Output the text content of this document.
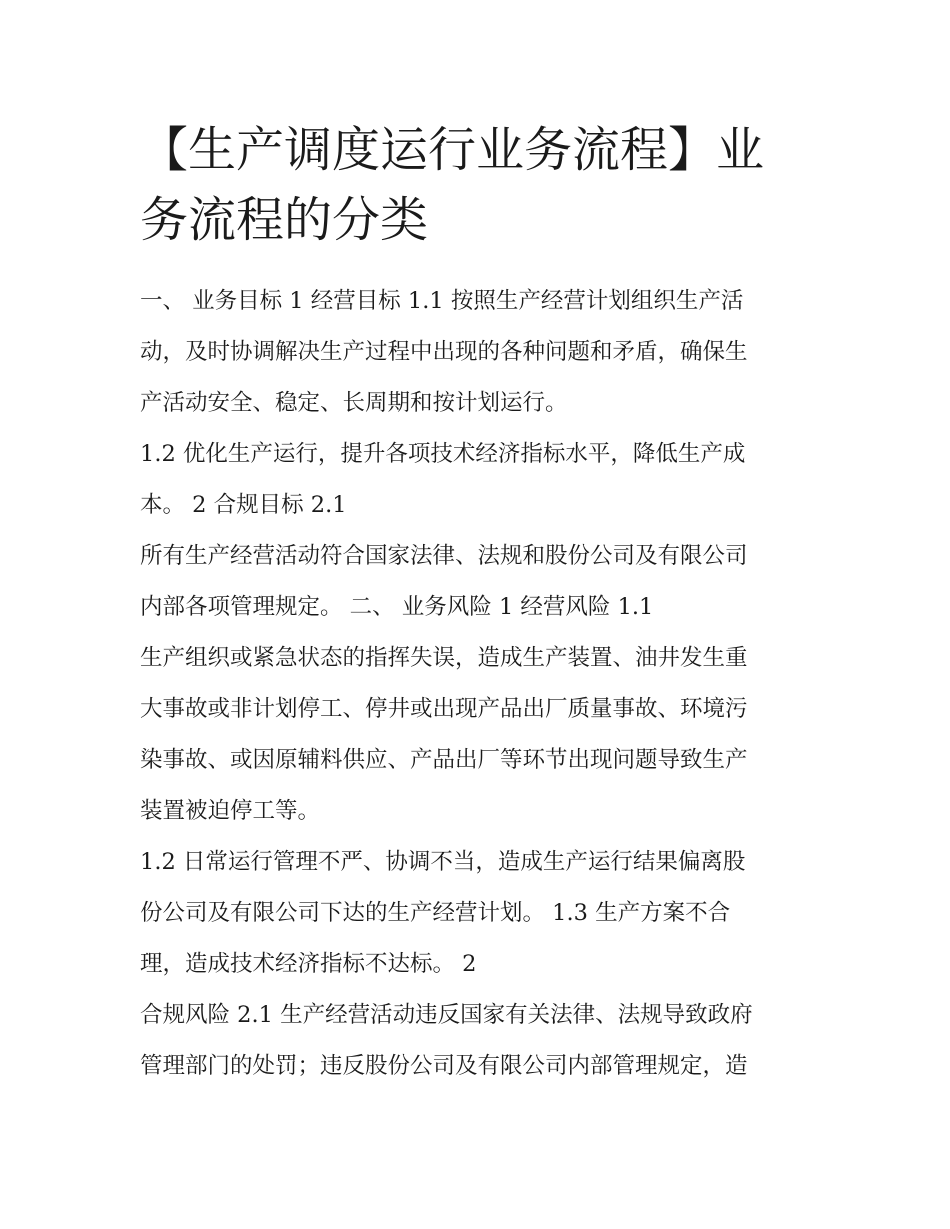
【生产调度运行业务流程】业
务流程的分类
一、 业务目标 1 经营目标 1.1 按照生产经营计划组织生产活
动，及时协调解决生产过程中出现的各种问题和矛盾，确保生
产活动安全、稳定、长周期和按计划运行。
1.2 优化生产运行，提升各项技术经济指标水平，降低生产成
本。 2 合规目标 2.1
所有生产经营活动符合国家法律、法规和股份公司及有限公司
内部各项管理规定。 二、 业务风险 1 经营风险 1.1
生产组织或紧急状态的指挥失误，造成生产装置、油井发生重
大事故或非计划停工、停井或出现产品出厂质量事故、环境污
染事故、或因原辅料供应、产品出厂等环节出现问题导致生产
装置被迫停工等。
1.2 日常运行管理不严、协调不当，造成生产运行结果偏离股
份公司及有限公司下达的生产经营计划。 1.3 生产方案不合
理，造成技术经济指标不达标。 2
合规风险 2.1 生产经营活动违反国家有关法律、法规导致政府
管理部门的处罚；违反股份公司及有限公司内部管理规定，造
